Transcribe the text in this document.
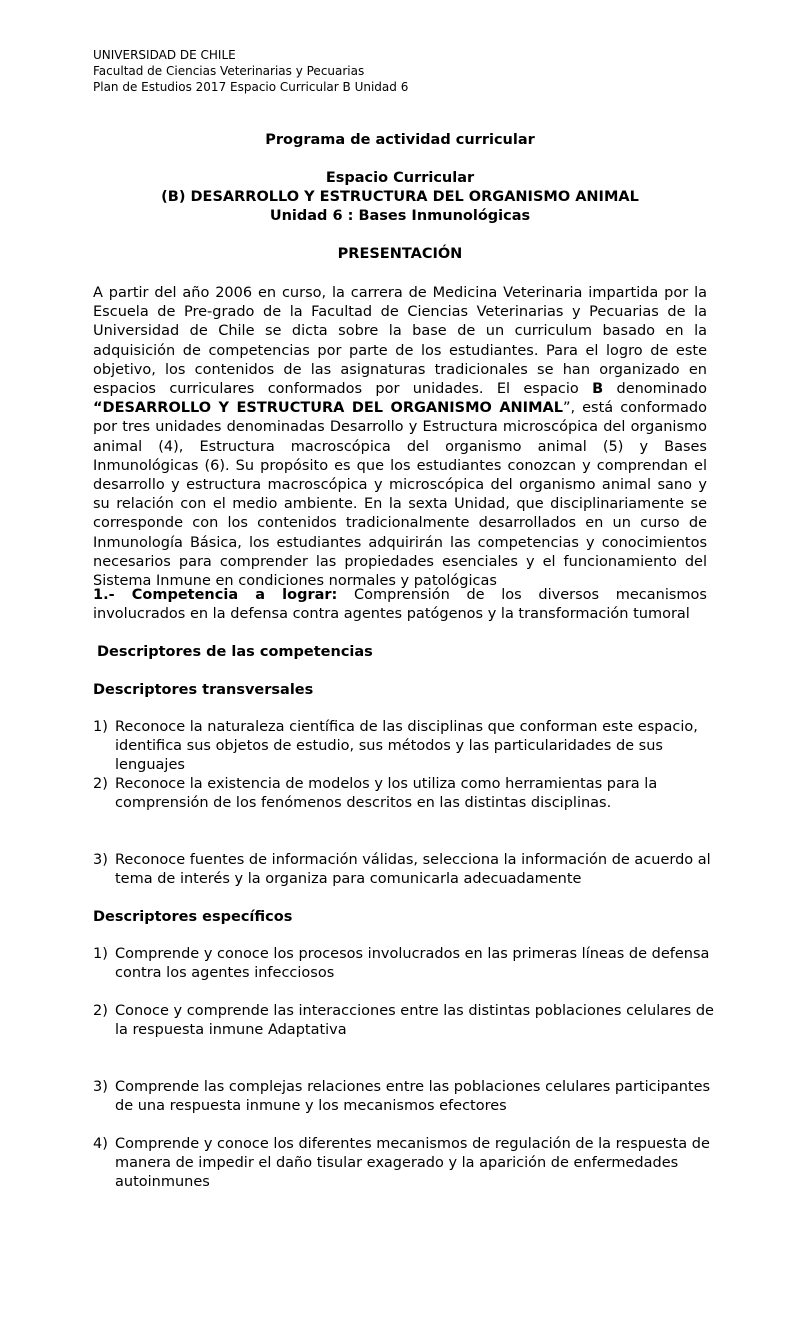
UNIVERSIDAD DE CHILE
Facultad de Ciencias Veterinarias y Pecuarias
Plan de Estudios 2017 Espacio Curricular B Unidad 6
Programa de actividad curricular
Espacio Curricular
(B) DESARROLLO Y ESTRUCTURA DEL ORGANISMO ANIMAL
Unidad 6 : Bases Inmunológicas
PRESENTACIÓN
A partir del año 2006 en curso, la carrera de Medicina Veterinaria impartida por la Escuela de Pre-grado de la Facultad de Ciencias Veterinarias y Pecuarias de la Universidad de Chile se dicta sobre la base de un curriculum basado en la adquisición de competencias por parte de los estudiantes. Para el logro de este objetivo, los contenidos de las asignaturas tradicionales se han organizado en espacios curriculares conformados por unidades. El espacio B denominado “DESARROLLO Y ESTRUCTURA DEL ORGANISMO ANIMAL”, está conformado por tres unidades denominadas Desarrollo y Estructura microscópica del organismo animal (4), Estructura macroscópica del organismo animal (5) y Bases Inmunológicas (6). Su propósito es que los estudiantes conozcan y comprendan el desarrollo y estructura macroscópica y microscópica del organismo animal sano y su relación con el medio ambiente. En la sexta Unidad, que disciplinariamente se corresponde con los contenidos tradicionalmente desarrollados en un curso de Inmunología Básica, los estudiantes adquirirán las competencias y conocimientos necesarios para comprender las propiedades esenciales y el funcionamiento del Sistema Inmune en condiciones normales y patológicas
1.- Competencia a lograr: Comprensión de los diversos mecanismos involucrados en la defensa contra agentes patógenos y la transformación tumoral
Descriptores de las competencias
Descriptores transversales
1) Reconoce la naturaleza científica de las disciplinas que conforman este espacio, identifica sus objetos de estudio, sus métodos y las particularidades de sus lenguajes
2) Reconoce la existencia de modelos y los utiliza como herramientas para la comprensión de los fenómenos descritos en las distintas disciplinas.
3) Reconoce fuentes de información válidas, selecciona la información de acuerdo al tema de interés y la organiza para comunicarla adecuadamente
Descriptores específicos
1) Comprende y conoce los procesos involucrados en las primeras líneas de defensa contra los agentes infecciosos
2) Conoce y comprende las interacciones entre las distintas poblaciones celulares de la respuesta inmune Adaptativa
3) Comprende las complejas relaciones entre las poblaciones celulares participantes de una respuesta inmune y los mecanismos efectores
4) Comprende y conoce los diferentes mecanismos de regulación de la respuesta de manera de impedir el daño tisular exagerado y la aparición de enfermedades autoinmunes
